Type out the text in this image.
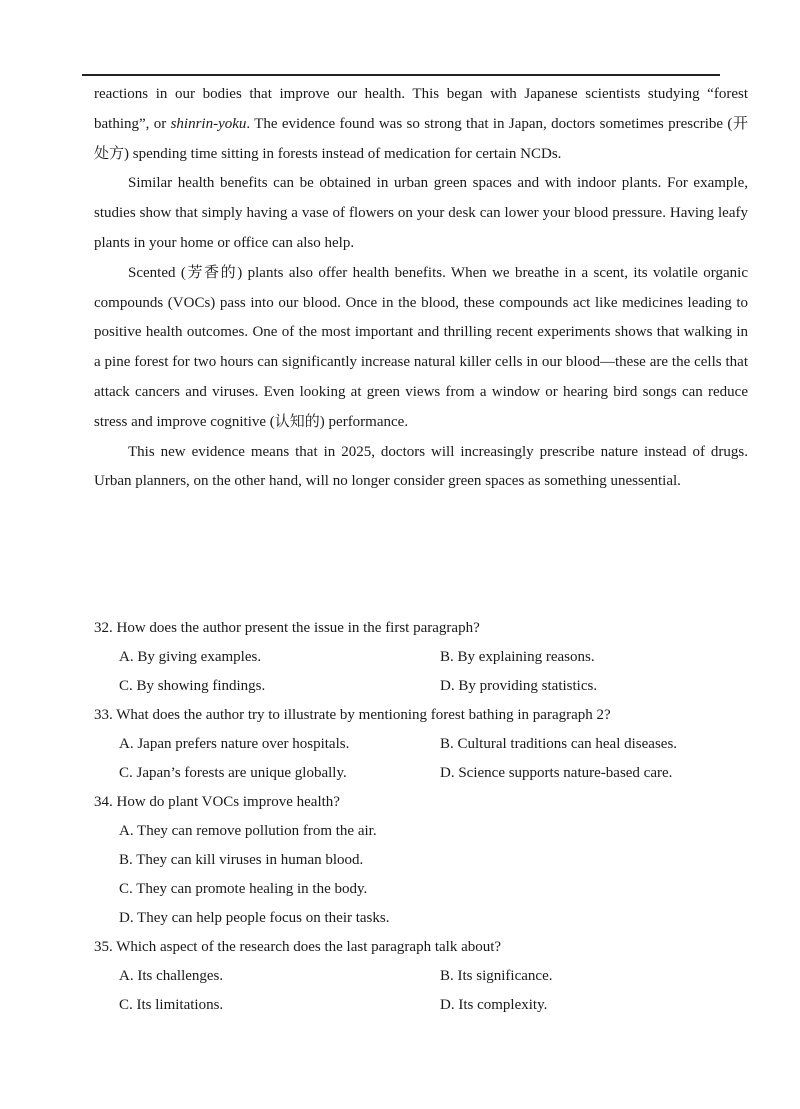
reactions in our bodies that improve our health. This began with Japanese scientists studying “forest bathing”, or shinrin-yoku. The evidence found was so strong that in Japan, doctors sometimes prescribe (开处方) spending time sitting in forests instead of medication for certain NCDs.

Similar health benefits can be obtained in urban green spaces and with indoor plants. For example, studies show that simply having a vase of flowers on your desk can lower your blood pressure. Having leafy plants in your home or office can also help.

Scented (芳香的) plants also offer health benefits. When we breathe in a scent, its volatile organic compounds (VOCs) pass into our blood. Once in the blood, these compounds act like medicines leading to positive health outcomes. One of the most important and thrilling recent experiments shows that walking in a pine forest for two hours can significantly increase natural killer cells in our blood—these are the cells that attack cancers and viruses. Even looking at green views from a window or hearing bird songs can reduce stress and improve cognitive (认知的) performance.

This new evidence means that in 2025, doctors will increasingly prescribe nature instead of drugs. Urban planners, on the other hand, will no longer consider green spaces as something unessential.

32. How does the author present the issue in the first paragraph?
A. By giving examples.	B. By explaining reasons.
C. By showing findings.	D. By providing statistics.
33. What does the author try to illustrate by mentioning forest bathing in paragraph 2?
A. Japan prefers nature over hospitals.	B. Cultural traditions can heal diseases.
C. Japan’s forests are unique globally.	D. Science supports nature-based care.
34. How do plant VOCs improve health?
A. They can remove pollution from the air.
B. They can kill viruses in human blood.
C. They can promote healing in the body.
D. They can help people focus on their tasks.
35. Which aspect of the research does the last paragraph talk about?
A. Its challenges.	B. Its significance.
C. Its limitations.	D. Its complexity.
